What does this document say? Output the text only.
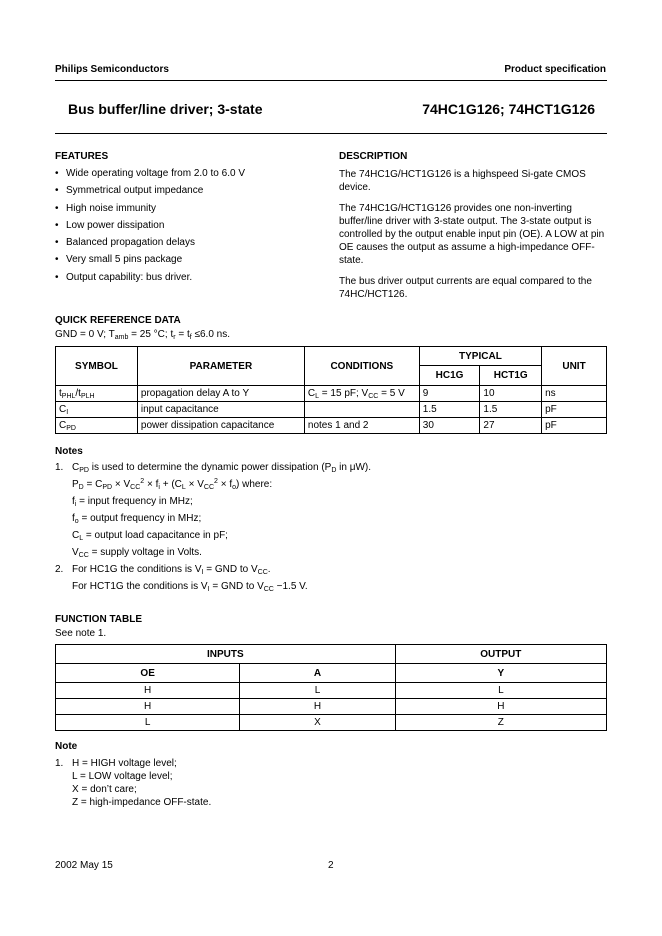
Philips Semiconductors	Product specification
Bus buffer/line driver; 3-state	74HC1G126; 74HCT1G126
FEATURES
• Wide operating voltage from 2.0 to 6.0 V
• Symmetrical output impedance
• High noise immunity
• Low power dissipation
• Balanced propagation delays
• Very small 5 pins package
• Output capability: bus driver.
DESCRIPTION

The 74HC1G/HCT1G126 is a highspeed Si-gate CMOS device.

The 74HC1G/HCT1G126 provides one non-inverting buffer/line driver with 3-state output. The 3-state output is controlled by the output enable input pin (OE). A LOW at pin OE causes the output as assume a high-impedance OFF-state.

The bus driver output currents are equal compared to the 74HC/HCT126.

QUICK REFERENCE DATA
GND = 0 V; $T_{amb} = 25$ °C; $t_r = t_f \le 6.0$ ns.
SYMBOL	PARAMETER	CONDITIONS	TYPICAL		UNIT
			HC1G	HCT1G	
$t_{PHL}/t_{PLH}$	propagation delay A to Y	$C_L = 15$ pF; $V_{CC} = 5$ V	9	10	ns
$C_I$	input capacitance		1.5	1.5	pF
$C_{PD}$	power dissipation capacitance	notes 1 and 2	30	27	pF
Notes
1. $C_{PD}$ is used to determine the dynamic power dissipation ($P_D$ in μW).
$P_D = C_{PD} \times V_{CC}^2 \times f_i + (C_L \times V_{CC}^2 \times f_o)$ where:
$f_i$ = input frequency in MHz;
$f_o$ = output frequency in MHz;
$C_L$ = output load capacitance in pF;
$V_{CC}$ = supply voltage in Volts.
2. For HC1G the conditions is $V_I$ = GND to $V_{CC}$.
For HCT1G the conditions is $V_I$ = GND to $V_{CC} -1.5$ V.
FUNCTION TABLE
See note 1.
INPUTS		OUTPUT
OE	A	Y
H	L	L
H	H	H
L	X	Z
Note
1. H = HIGH voltage level;
L = LOW voltage level;
X = don’t care;
Z = high-impedance OFF-state.
2002 May 15	2
